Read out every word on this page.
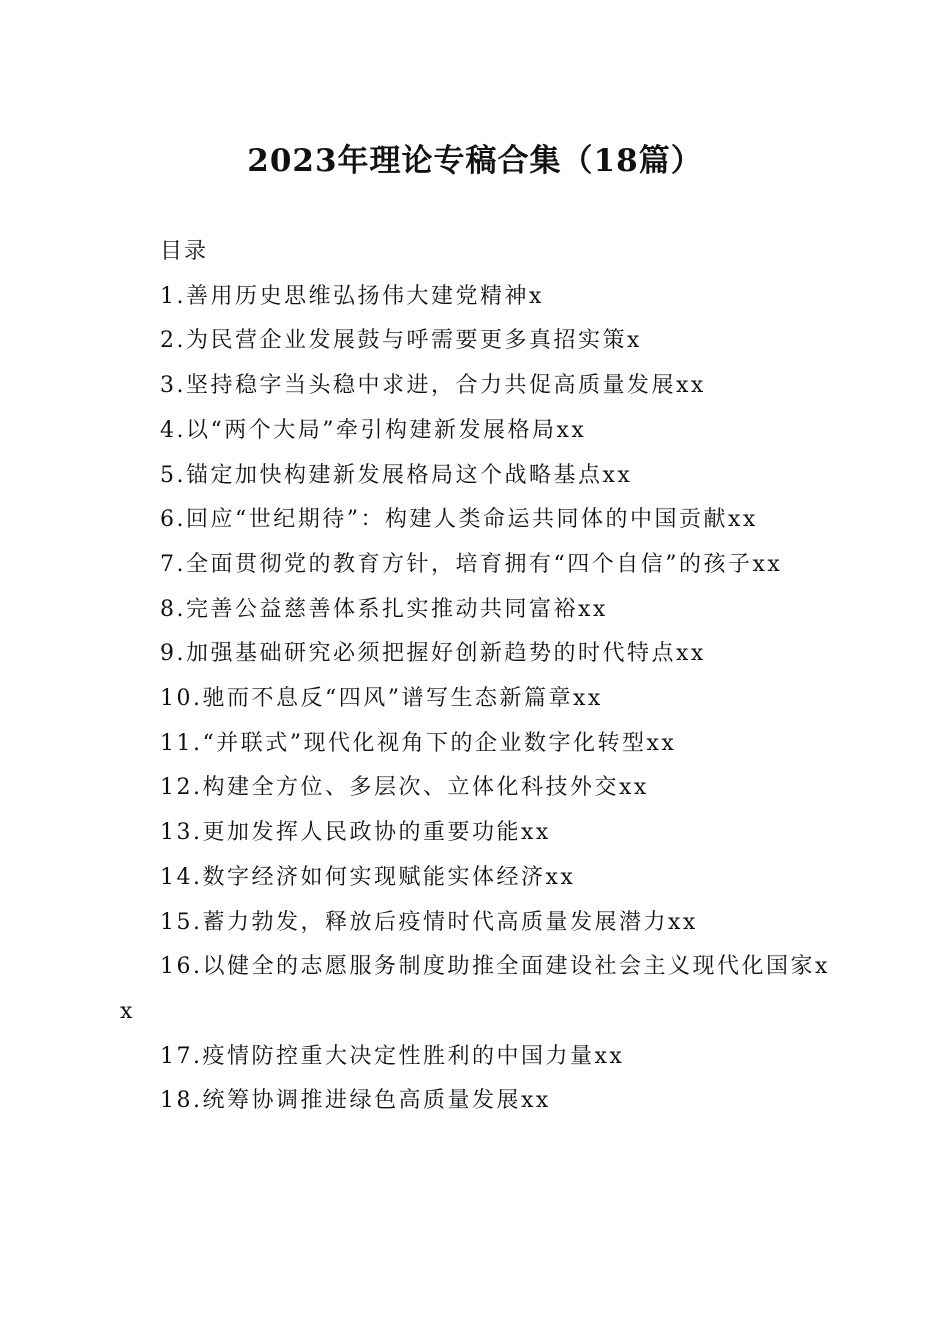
2023年理论专稿合集（18篇）
目录
1.善用历史思维弘扬伟大建党精神x
2.为民营企业发展鼓与呼需要更多真招实策x
3.坚持稳字当头稳中求进，合力共促高质量发展xx
4.以“两个大局”牵引构建新发展格局xx
5.锚定加快构建新发展格局这个战略基点xx
6.回应“世纪期待”：构建人类命运共同体的中国贡献xx
7.全面贯彻党的教育方针，培育拥有“四个自信”的孩子xx
8.完善公益慈善体系扎实推动共同富裕xx
9.加强基础研究必须把握好创新趋势的时代特点xx
10.驰而不息反“四风”谱写生态新篇章xx
11.“并联式”现代化视角下的企业数字化转型xx
12.构建全方位、多层次、立体化科技外交xx
13.更加发挥人民政协的重要功能xx
14.数字经济如何实现赋能实体经济xx
15.蓄力勃发，释放后疫情时代高质量发展潜力xx
16.以健全的志愿服务制度助推全面建设社会主义现代化国家xx
17.疫情防控重大决定性胜利的中国力量xx
18.统筹协调推进绿色高质量发展xx
